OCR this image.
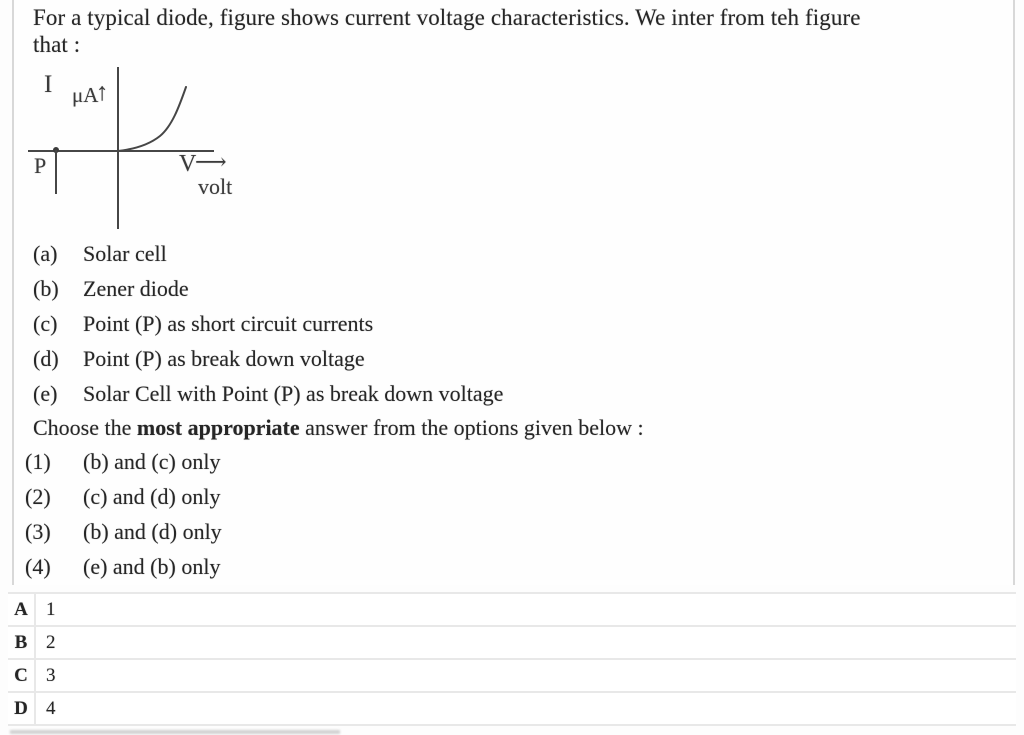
For a typical diode, figure shows current voltage characteristics. We inter from teh figure
that :
I μA
↑
P	V
⟶
volt
(a)	Solar cell
(b)	Zener diode
(c)	Point (P) as short circuit currents
(d)	Point (P) as break down voltage
(e)	Solar Cell with Point (P) as break down voltage
Choose the most appropriate answer from the options given below :
(1)	(b) and (c) only
(2)	(c) and (d) only
(3)	(b) and (d) only
(4)	(e) and (b) only
A 1
B 2
C 3
D 4
